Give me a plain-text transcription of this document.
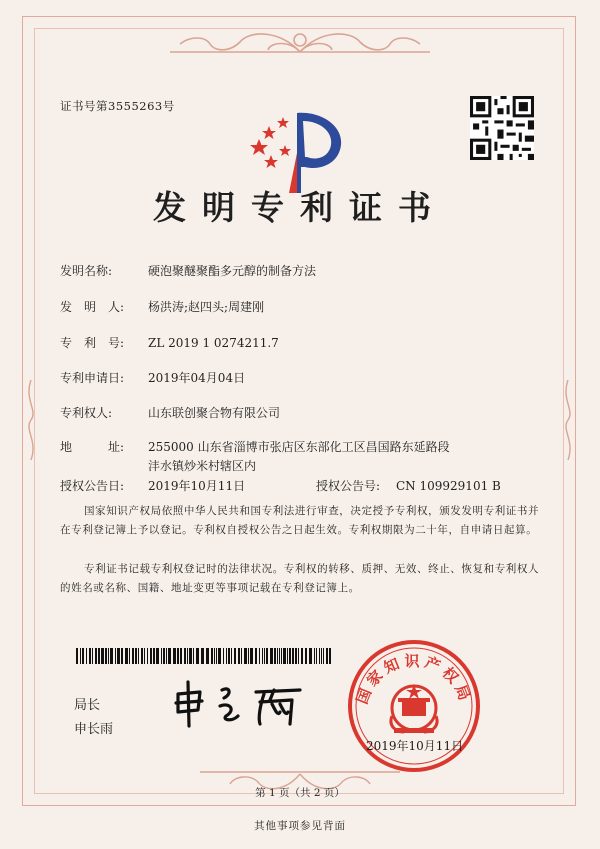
证书号第3555263号
发明专利证书
发明名称:	硬泡聚醚聚酯多元醇的制备方法
发　明　人: 杨洪涛;赵四头;周建刚
专　利　号: ZL 2019 1 0274211.7
专利申请日: 2019年04月04日
专利权人:	山东联创聚合物有限公司
地　　　址: 255000 山东省淄博市张店区东部化工区昌国路东延路段
沣水镇炒米村辖区内
授权公告日: 2019年10月11日	授权公告号: CN 109929101 B
国家知识产权局依照中华人民共和国专利法进行审查，决定授予专利权，颁发发明专利证书并在专利登记簿上予以登记。专利权自授权公告之日起生效。专利权期限为二十年，自申请日起算。
专利证书记载专利权登记时的法律状况。专利权的转移、质押、无效、终止、恢复和专利权人的姓名或名称、国籍、地址变更等事项记载在专利登记簿上。
局长
申长雨
国家知识产权局
2019年10月11日
第 1 页（共 2 页）
其他事项参见背面
